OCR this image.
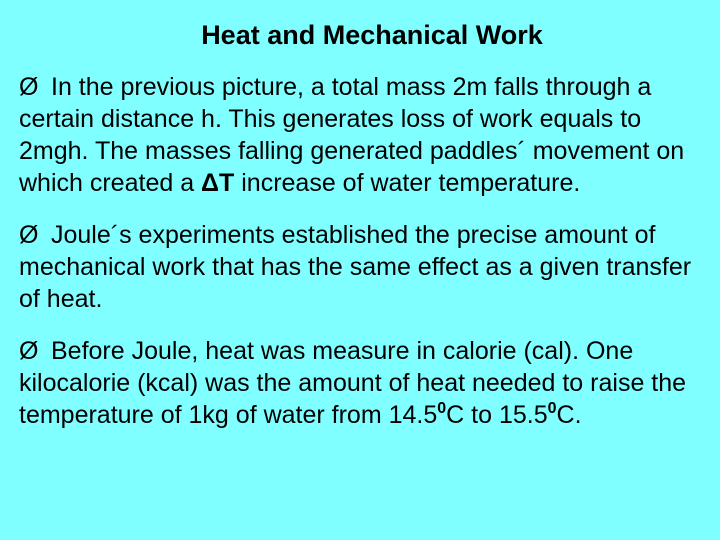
Heat and Mechanical Work
Ø In the previous picture, a total mass 2m falls through a certain distance h. This generates loss of work equals to 2mgh. The masses falling generated paddles´ movement on which created a ΔT increase of water temperature.
Ø Joule´s experiments established the precise amount of mechanical work that has the same effect as a given transfer of heat.
Ø Before Joule, heat was measure in calorie (cal). One kilocalorie (kcal) was the amount of heat needed to raise the temperature of 1kg of water from 14.5$^0$C to 15.5$^0$C.
